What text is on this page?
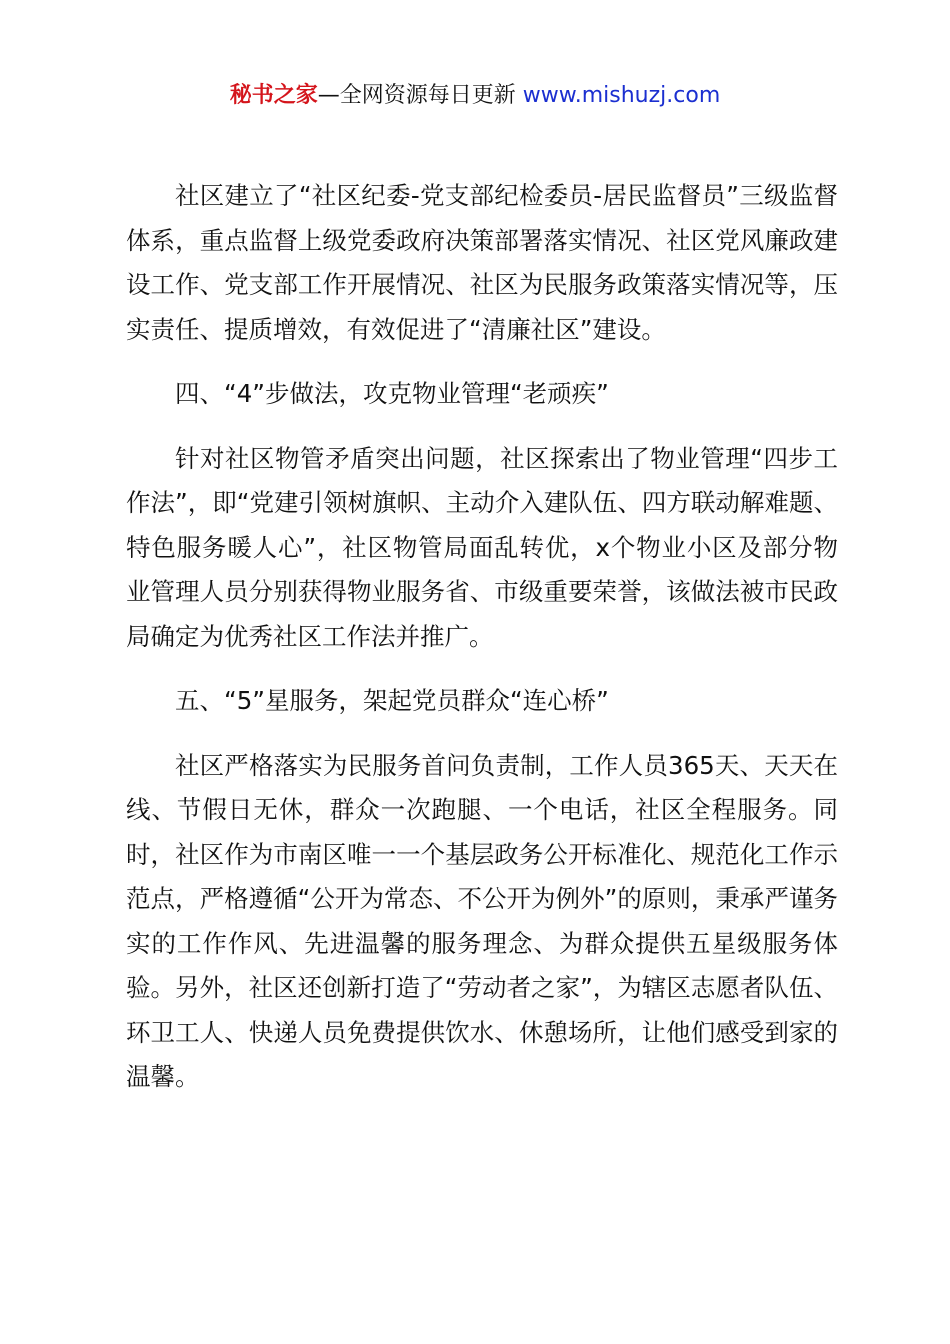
秘书之家—全网资源每日更新 www.mishuzj.com

社区建立了“社区纪委-党支部纪检委员-居民监督员”三级监督体系，重点监督上级党委政府决策部署落实情况、社区党风廉政建设工作、党支部工作开展情况、社区为民服务政策落实情况等，压实责任、提质增效，有效促进了“清廉社区”建设。

四、“4”步做法，攻克物业管理“老顽疾”

针对社区物管矛盾突出问题，社区探索出了物业管理“四步工作法”，即“党建引领树旗帜、主动介入建队伍、四方联动解难题、特色服务暖人心”，社区物管局面乱转优，x个物业小区及部分物业管理人员分别获得物业服务省、市级重要荣誉，该做法被市民政局确定为优秀社区工作法并推广。

五、“5”星服务，架起党员群众“连心桥”

社区严格落实为民服务首问负责制，工作人员365天、天天在线、节假日无休，群众一次跑腿、一个电话，社区全程服务。同时，社区作为市南区唯一一个基层政务公开标准化、规范化工作示范点，严格遵循“公开为常态、不公开为例外”的原则，秉承严谨务实的工作作风、先进温馨的服务理念、为群众提供五星级服务体验。另外，社区还创新打造了“劳动者之家”，为辖区志愿者队伍、环卫工人、快递人员免费提供饮水、休憩场所，让他们感受到家的温馨。
